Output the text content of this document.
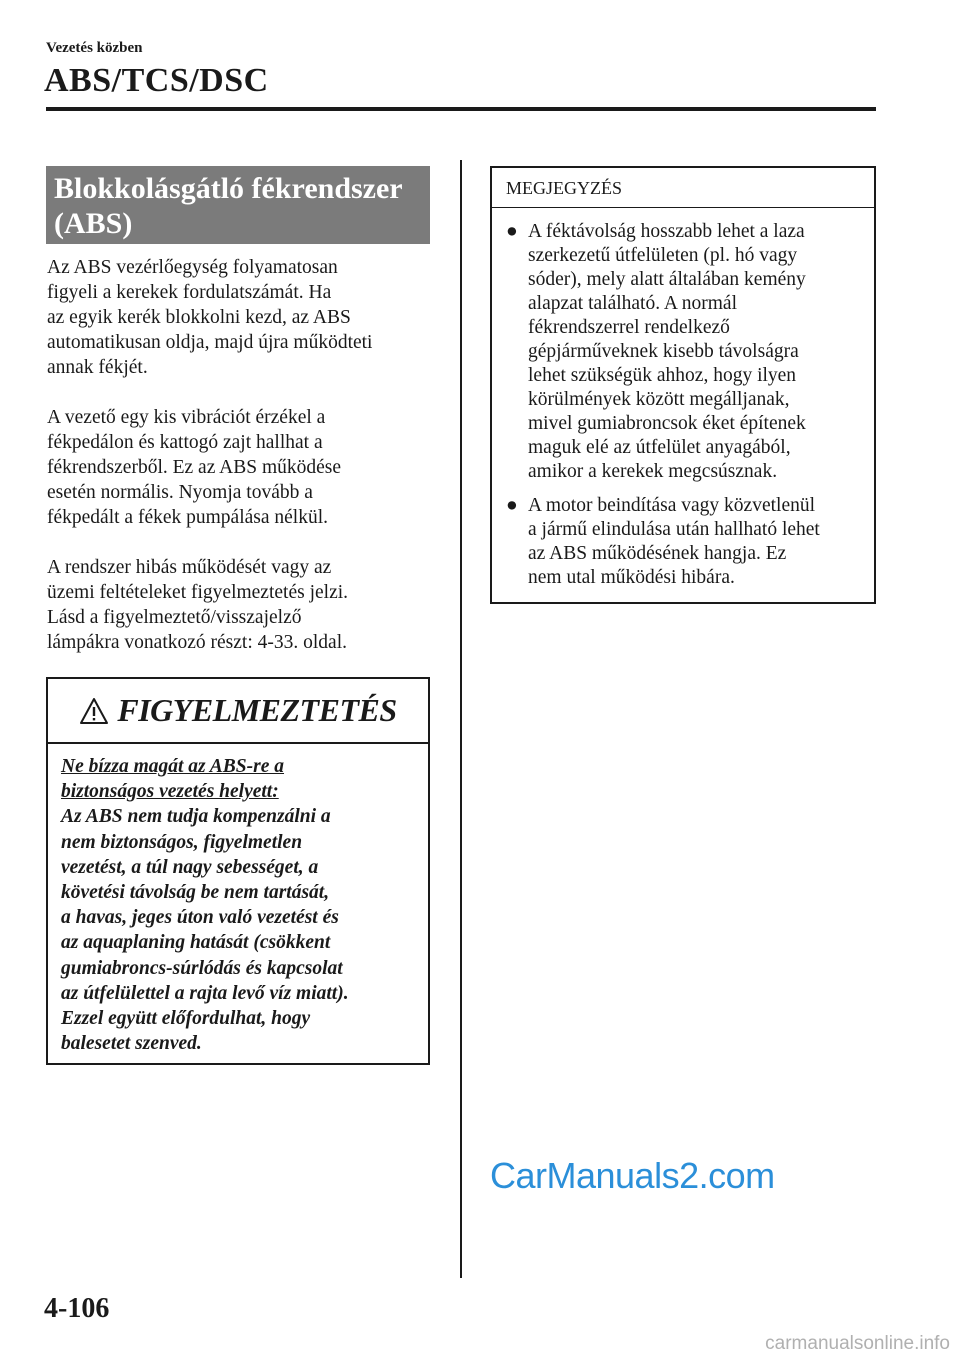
Vezetés közben
ABS/TCS/DSC
Blokkolásgátló fékrendszer
(ABS)

Az ABS vezérlőegység folyamatosan
figyeli a kerekek fordulatszámát. Ha
az egyik kerék blokkolni kezd, az ABS
automatikusan oldja, majd újra működteti
annak fékjét.

A vezető egy kis vibrációt érzékel a
fékpedálon és kattogó zajt hallhat a
fékrendszerből. Ez az ABS működése
esetén normális. Nyomja tovább a
fékpedált a fékek pumpálása nélkül.

A rendszer hibás működését vagy az
üzemi feltételeket figyelmeztetés jelzi.
Lásd a figyelmeztető/visszajelző
lámpákra vonatkozó részt: 4-33. oldal.

FIGYELMEZTETÉS

Ne bízza magát az ABS-re a
biztonságos vezetés helyett:
Az ABS nem tudja kompenzálni a
nem biztonságos, figyelmetlen
vezetést, a túl nagy sebességet, a
követési távolság be nem tartását,
a havas, jeges úton való vezetést és
az aquaplaning hatását (csökkent
gumiabroncs-súrlódás és kapcsolat
az útfelülettel a rajta levő víz miatt).
Ezzel együtt előfordulhat, hogy
balesetet szenved.

MEGJEGYZÉS
● A féktávolság hosszabb lehet a laza
szerkezetű útfelületen (pl. hó vagy
sóder), mely alatt általában kemény
alapzat található. A normál
fékrendszerrel rendelkező
gépjárműveknek kisebb távolságra
lehet szükségük ahhoz, hogy ilyen
körülmények között megálljanak,
mivel gumiabroncsok éket építenek
maguk elé az útfelület anyagából,
amikor a kerekek megcsúsznak.
● A motor beindítása vagy közvetlenül
a jármű elindulása után hallható lehet
az ABS működésének hangja. Ez
nem utal működési hibára.
CarManuals2.com
4-106
carmanualsonline.info
